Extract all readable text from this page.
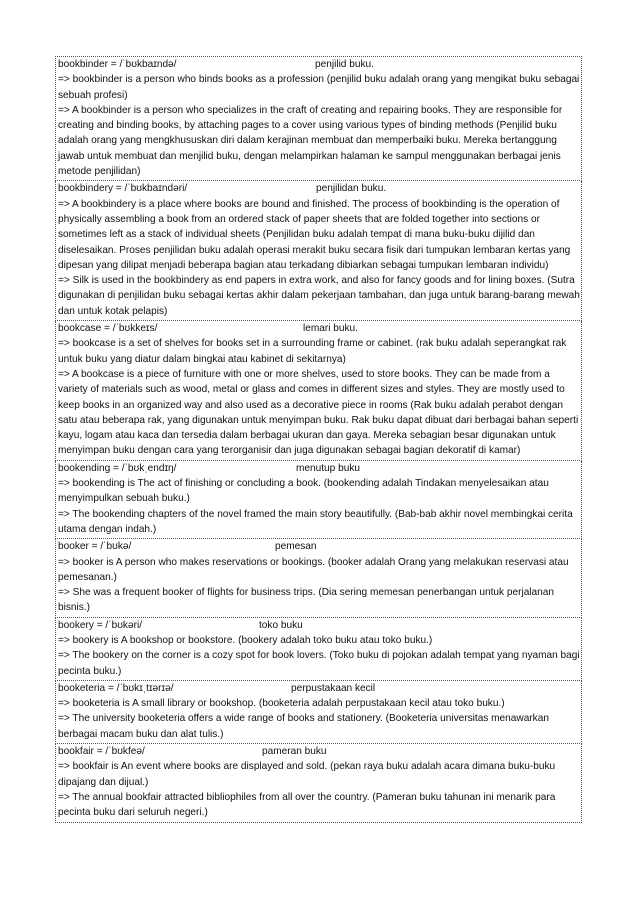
bookbinder = /ˈbʊkbaɪndə/	penjilid buku.

=> bookbinder is a person who binds books as a profession (penjilid buku adalah orang yang mengikat buku sebagai sebuah profesi)

=> A bookbinder is a person who specializes in the craft of creating and repairing books. They are responsible for creating and binding books, by attaching pages to a cover using various types of binding methods (Penjilid buku adalah orang yang mengkhususkan diri dalam kerajinan membuat dan memperbaiki buku. Mereka bertanggung jawab untuk membuat dan menjilid buku, dengan melampirkan halaman ke sampul menggunakan berbagai jenis metode penjilidan)

bookbindery = /ˈbʊkbaɪndəri/	penjilidan buku.

=> A bookbindery is a place where books are bound and finished. The process of bookbinding is the operation of physically assembling a book from an ordered stack of paper sheets that are folded together into sections or sometimes left as a stack of individual sheets (Penjilidan buku adalah tempat di mana buku-buku dijilid dan diselesaikan. Proses penjilidan buku adalah operasi merakit buku secara fisik dari tumpukan lembaran kertas yang dipesan yang dilipat menjadi beberapa bagian atau terkadang dibiarkan sebagai tumpukan lembaran individu)

=> Silk is used in the bookbindery as end papers in extra work, and also for fancy goods and for lining boxes. (Sutra digunakan di penjilidan buku sebagai kertas akhir dalam pekerjaan tambahan, dan juga untuk barang-barang mewah dan untuk kotak pelapis)

bookcase = /ˈbʊkkeɪs/	lemari buku.

=> bookcase is a set of shelves for books set in a surrounding frame or cabinet. (rak buku adalah seperangkat rak untuk buku yang diatur dalam bingkai atau kabinet di sekitarnya)

=> A bookcase is a piece of furniture with one or more shelves, used to store books. They can be made from a variety of materials such as wood, metal or glass and comes in different sizes and styles. They are mostly used to keep books in an organized way and also used as a decorative piece in rooms (Rak buku adalah perabot dengan satu atau beberapa rak, yang digunakan untuk menyimpan buku. Rak buku dapat dibuat dari berbagai bahan seperti kayu, logam atau kaca dan tersedia dalam berbagai ukuran dan gaya. Mereka sebagian besar digunakan untuk menyimpan buku dengan cara yang terorganisir dan juga digunakan sebagai bagian dekoratif di kamar)

bookending = /ˈbʊkˌendɪŋ/	menutup buku

=> bookending is The act of finishing or concluding a book. (bookending adalah Tindakan menyelesaikan atau menyimpulkan sebuah buku.)

=> The bookending chapters of the novel framed the main story beautifully. (Bab-bab akhir novel membingkai cerita utama dengan indah.)

booker = /ˈbʊkə/	pemesan

=> booker is A person who makes reservations or bookings. (booker adalah Orang yang melakukan reservasi atau pemesanan.)

=> She was a frequent booker of flights for business trips. (Dia sering memesan penerbangan untuk perjalanan bisnis.)

bookery = /ˈbʊkəri/	toko buku

=> bookery is A bookshop or bookstore. (bookery adalah toko buku atau toko buku.)

=> The bookery on the corner is a cozy spot for book lovers. (Toko buku di pojokan adalah tempat yang nyaman bagi pecinta buku.)

booketeria = /ˈbʊkɪˌtɪərɪə/	perpustakaan kecil

=> booketeria is A small library or bookshop. (booketeria adalah perpustakaan kecil atau toko buku.)

=> The university booketeria offers a wide range of books and stationery. (Booketeria universitas menawarkan berbagai macam buku dan alat tulis.)

bookfair = /ˈbʊkfeə/	pameran buku

=> bookfair is An event where books are displayed and sold. (pekan raya buku adalah acara dimana buku-buku dipajang dan dijual.)

=> The annual bookfair attracted bibliophiles from all over the country. (Pameran buku tahunan ini menarik para pecinta buku dari seluruh negeri.)
